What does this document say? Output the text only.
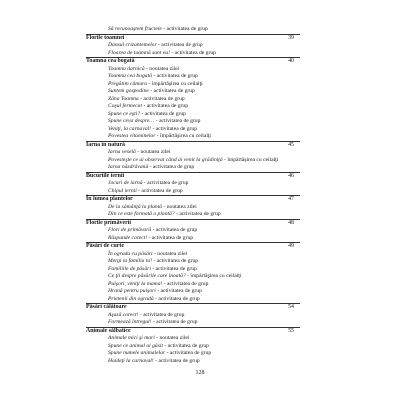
Să recunoaştem fructele - activitatea de grup
Florile toamnei	39
Dansul crizantemelor - activitatea de grup
Floarea de toamnă sunt eu! - activitatea de grup
Toamna cea bogată	40
Toamna darnică - noutatea zilei
Toamna cea bogată - activitatea de grup
Pregătim cămara - împărtăşirea cu ceilalţi
Suntem gospodine - activitatea de grup
Zâna Toamna - activitatea de grup
Coşul fermecat - activitatea de grup
Spune ce eşti? - activitatea de grup
Spune ceva despre… - activitatea de grup
Veniţi, la carnaval! - activitatea de grup
Povestea vitaminelor - împărtăşirea cu ceilalţi
Iarna în natură	45
Iarna veselă - noutatea zilei
Povesteşte ce ai observat când ai venit la grădiniţă - împărtăşirea cu ceilalţi
Iarna năzdrăvană - activitatea de grup
Bucuriile iernii	46
Jocuri de iarnă - activitatea de grup
Chipul iernii - activitatea de grup
În lumea plantelor	47
De la sămânţă la plantă - noutatea zilei
Din ce este formată o plantă? - activitatea de grup
Florile primăverii	48
Flori de primăvară - activitatea de grup
Răspunde corect! - activitatea de grup
Păsări de curte	49
În ograda cu păsări - noutatea zilei
Mergi la familia ta! - activitatea de grup
Familiile de păsări - activitatea de grup
Ce ţii despre păsările care înoată? - împărtăşirea cu ceilalţi
Puişori, veniţi la mama! - activitatea de grup
Hrană pentru puişori - activitatea de grup
Prietenii din ogradă - activitatea de grup
Păsări călătoare	54
Aşază corect! - activitatea de grup
Formează întregul! - activitatea de grup
Animale sălbatice	55
Animale mici şi mari - noutatea zilei
Spune ce animal ai găsit - activitatea de grup
Spune numele animalelor - activitatea de grup
Haideţi la carnaval! - activitatea de grup
128
